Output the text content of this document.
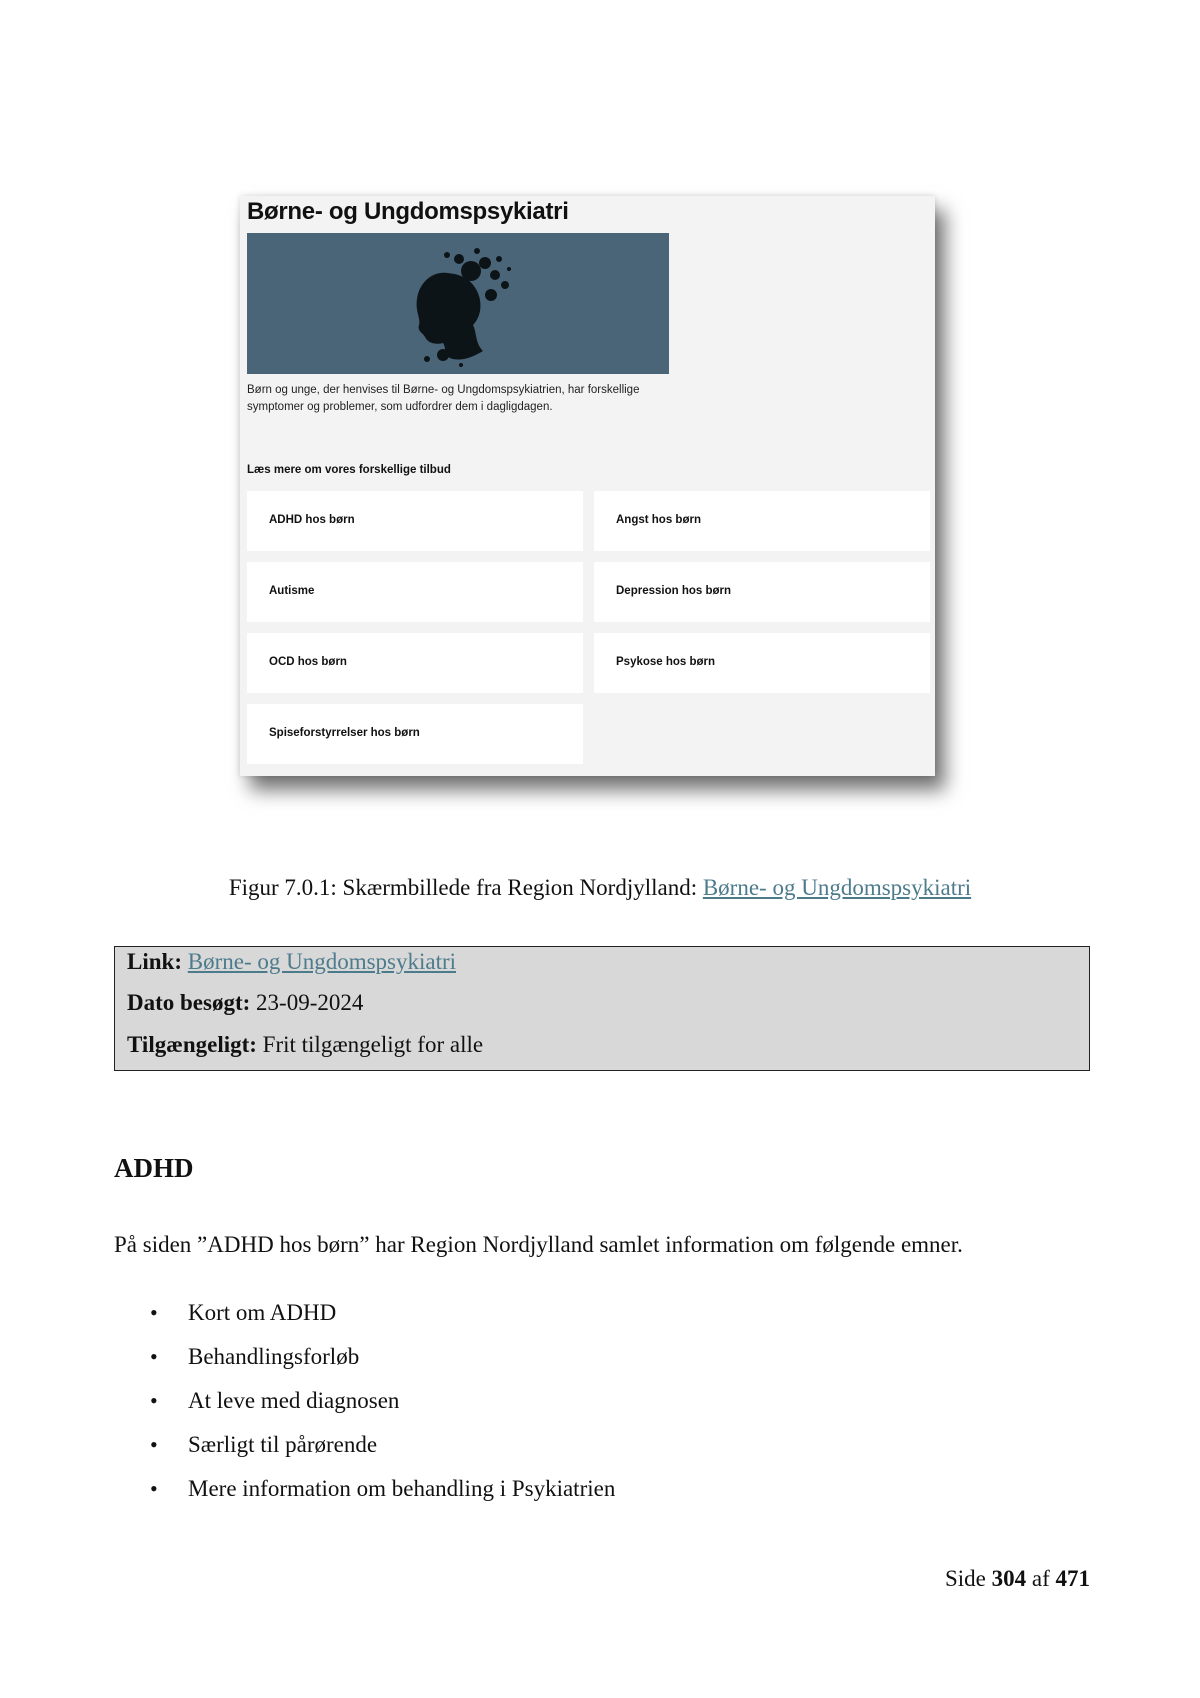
Børne- og Ungdomspsykiatri
Børn og unge, der henvises til Børne- og Ungdomspsykiatrien, har forskellige symptomer og problemer, som udfordrer dem i dagligdagen.
Læs mere om vores forskellige tilbud
ADHD hos børn	Angst hos børn
Autisme	Depression hos børn
OCD hos børn	Psykose hos børn
Spiseforstyrrelser hos børn
Figur 7.0.1: Skærmbillede fra Region Nordjylland: Børne- og Ungdomspsykiatri
Link: Børne- og Ungdomspsykiatri
Dato besøgt: 23-09-2024
Tilgængeligt: Frit tilgængeligt for alle
ADHD
På siden ”ADHD hos børn” har Region Nordjylland samlet information om følgende emner.
• Kort om ADHD
• Behandlingsforløb
• At leve med diagnosen
• Særligt til pårørende
• Mere information om behandling i Psykiatrien
Side 304 af 471
